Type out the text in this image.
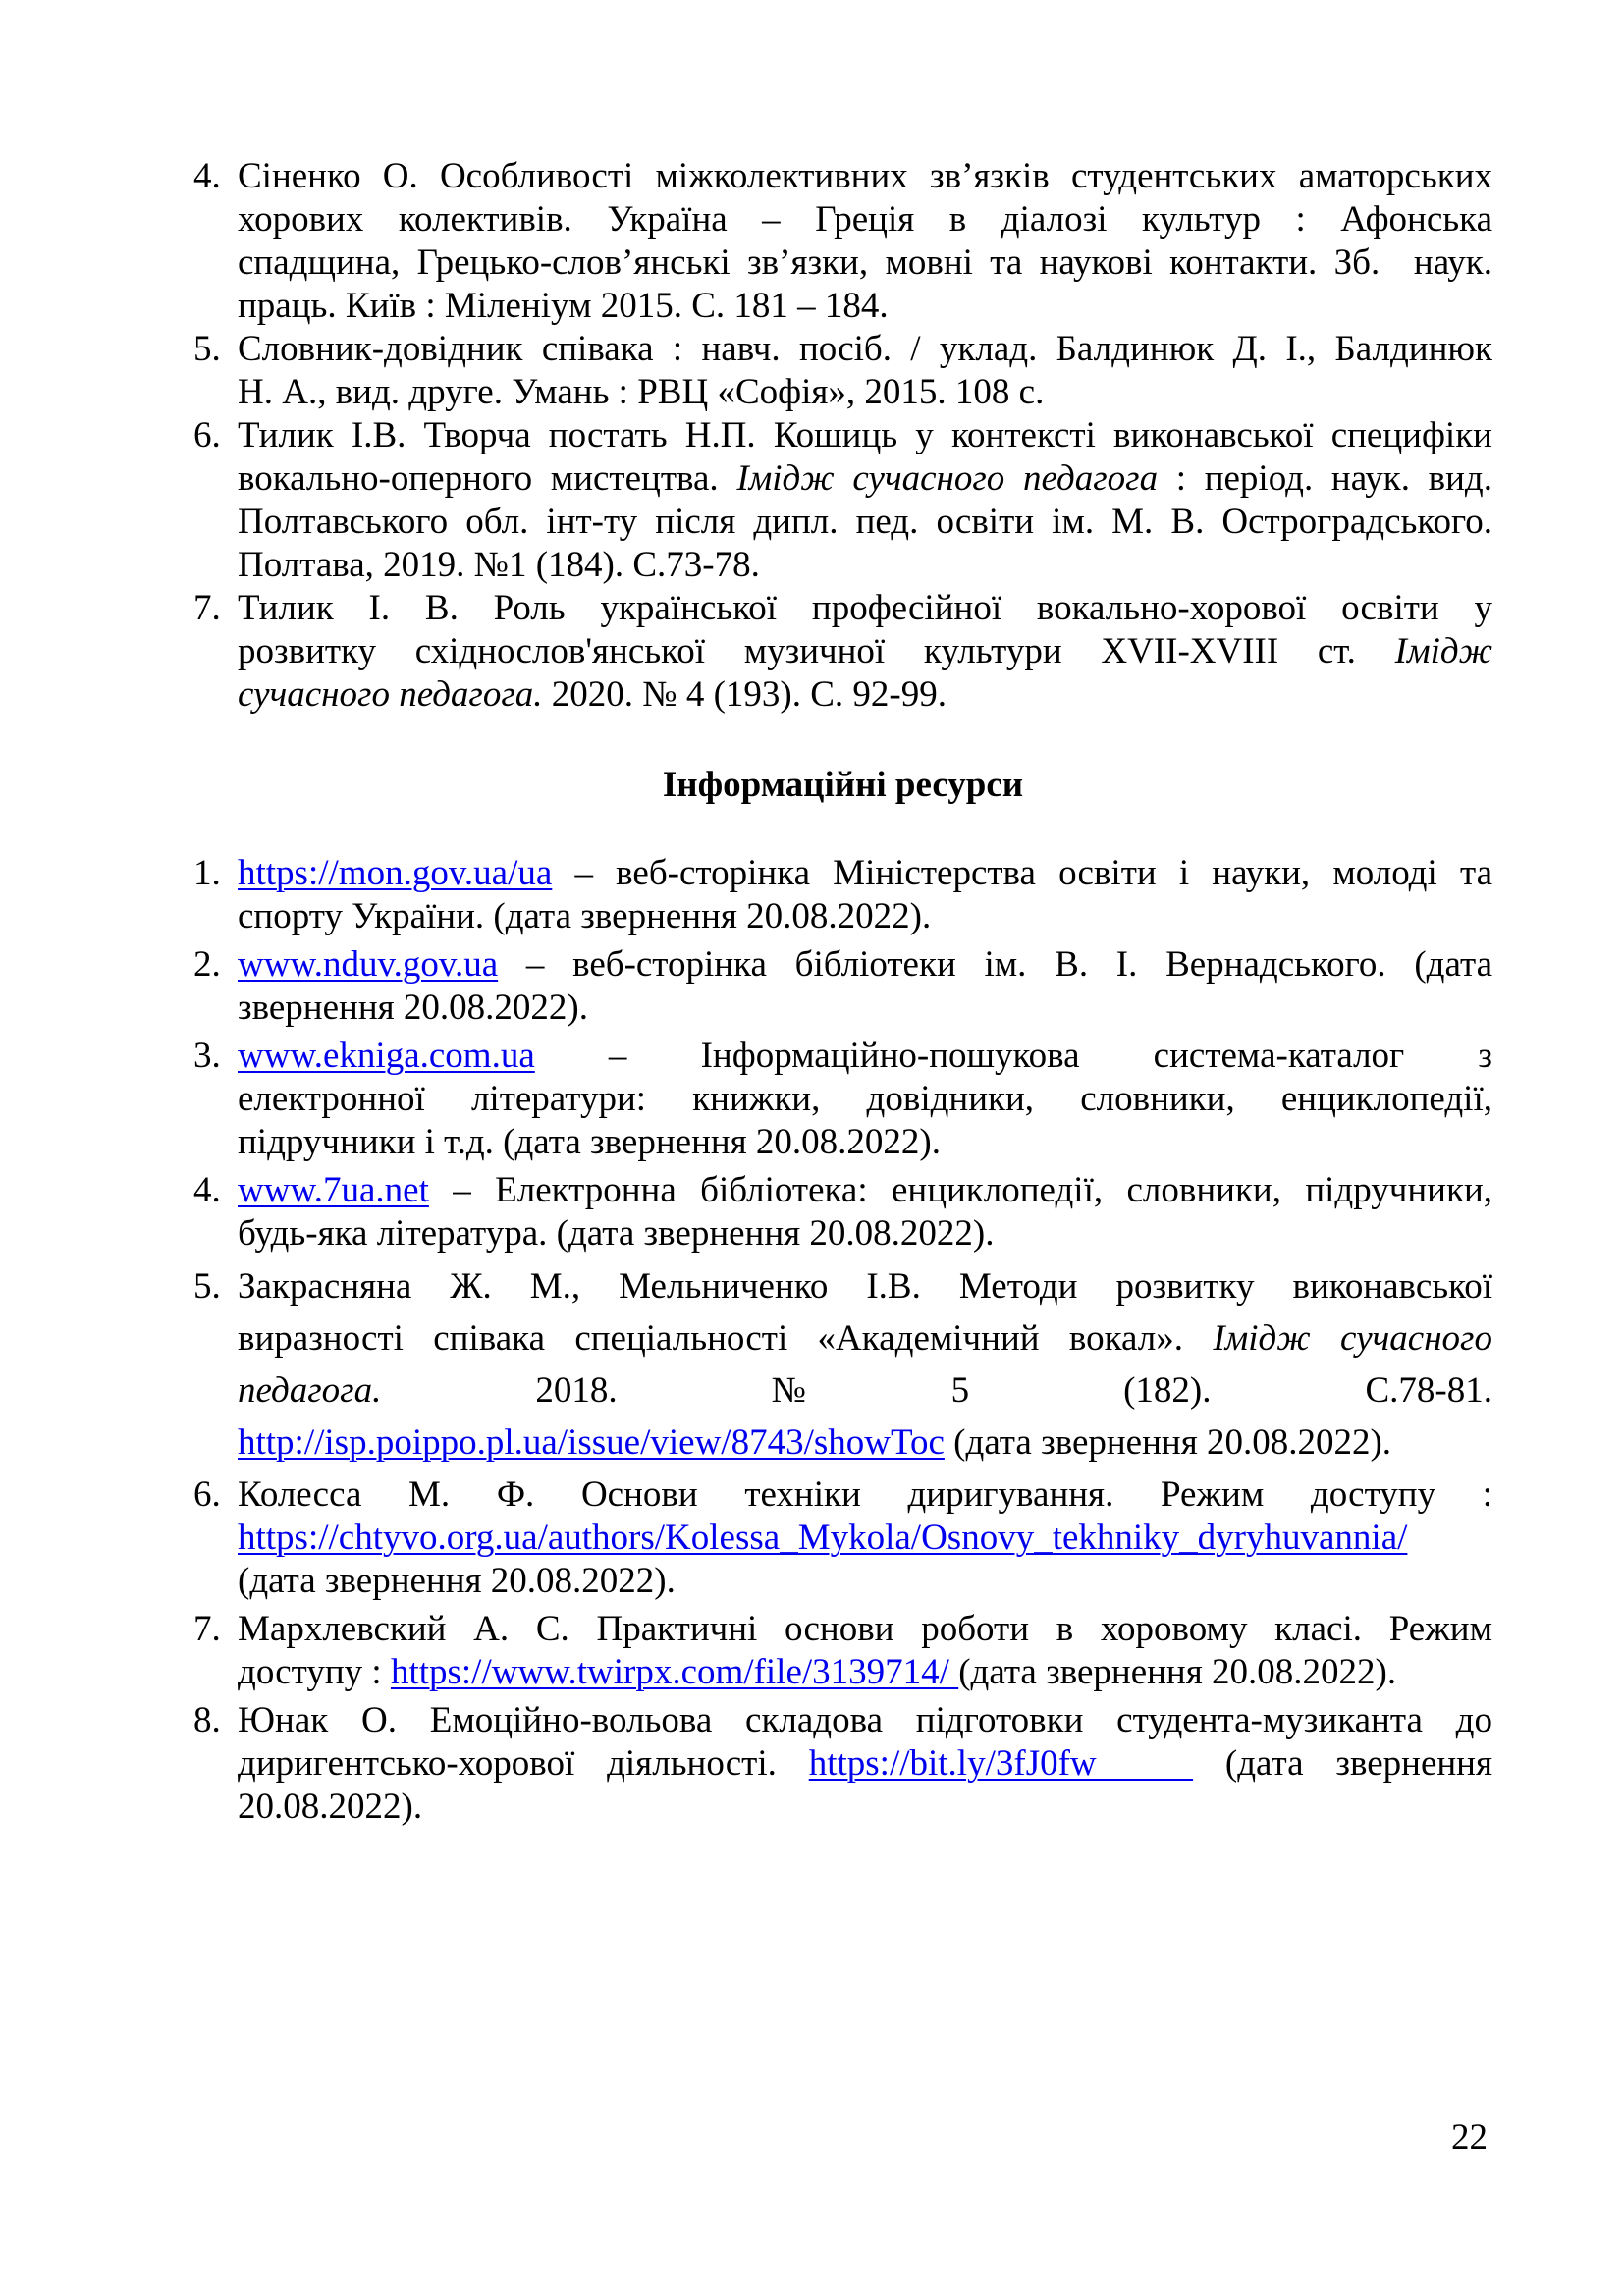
4. Сіненко О. Особливості міжколективних зв’язків студентських аматорських
хорових колективів. Україна – Греція в діалозі культур : Афонська
спадщина, Грецько-слов’янські зв’язки, мовні та наукові контакти. Зб.  наук.
праць. Київ : Міленіум 2015. С. 181 – 184.
5. Словник-довідник співака : навч. посіб. / уклад. Балдинюк Д. І., Балдинюк
Н. А., вид. друге. Умань : РВЦ «Софія», 2015. 108 с.
6. Тилик І.В. Творча постать Н.П. Кошиць у контексті виконавської специфіки
вокально-оперного мистецтва. Імідж сучасного педагога : період. наук. вид.
Полтавського обл. інт-ту після дипл. пед. освіти ім. М. В. Остроградського.
Полтава, 2019. №1 (184). С.73-78.
7. Тилик І. В. Роль української професійної вокально-хорової освіти у
розвитку східнослов'янської музичної культури XVII-XVIII ст. Імідж
сучасного педагога. 2020. № 4 (193). С. 92-99.
Інформаційні ресурси
1. https://mon.gov.ua/ua – веб-сторінка Міністерства освіти і науки, молоді та
спорту України. (дата звернення 20.08.2022).
2. www.nduv.gov.ua – веб-сторінка бібліотеки ім. В. І. Вернадського. (дата
звернення 20.08.2022).
3. www.ekniga.com.ua – Інформаційно-пошукова система-каталог з
електронної літератури: книжки, довідники, словники, енциклопедії,
підручники і т.д. (дата звернення 20.08.2022).
4. www.7ua.net – Електронна бібліотека: енциклопедії, словники, підручники,
будь-яка література. (дата звернення 20.08.2022).
5. Закрасняна Ж. М., Мельниченко І.В. Методи розвитку виконавської
виразності співака спеціальності «Академічний вокал». Імідж сучасного
педагога. 2018. №5 (182). С.78-81.
http://isp.poippo.pl.ua/issue/view/8743/showToc (дата звернення 20.08.2022).
6. Колесса М. Ф. Основи техніки диригування. Режим доступу :
https://chtyvo.org.ua/authors/Kolessa_Mykola/Osnovy_tekhniky_dyryhuvannia/
(дата звернення 20.08.2022).
7. Мархлевский А. С. Практичні основи роботи в хоровому класі. Режим
доступу : https://www.twirpx.com/file/3139714/ (дата звернення 20.08.2022).
8. Юнак О. Емоційно-вольова складова підготовки студента-музиканта до
диригентсько-хорової діяльності. https://bit.ly/3fJ0fw    (дата звернення
20.08.2022).
22
